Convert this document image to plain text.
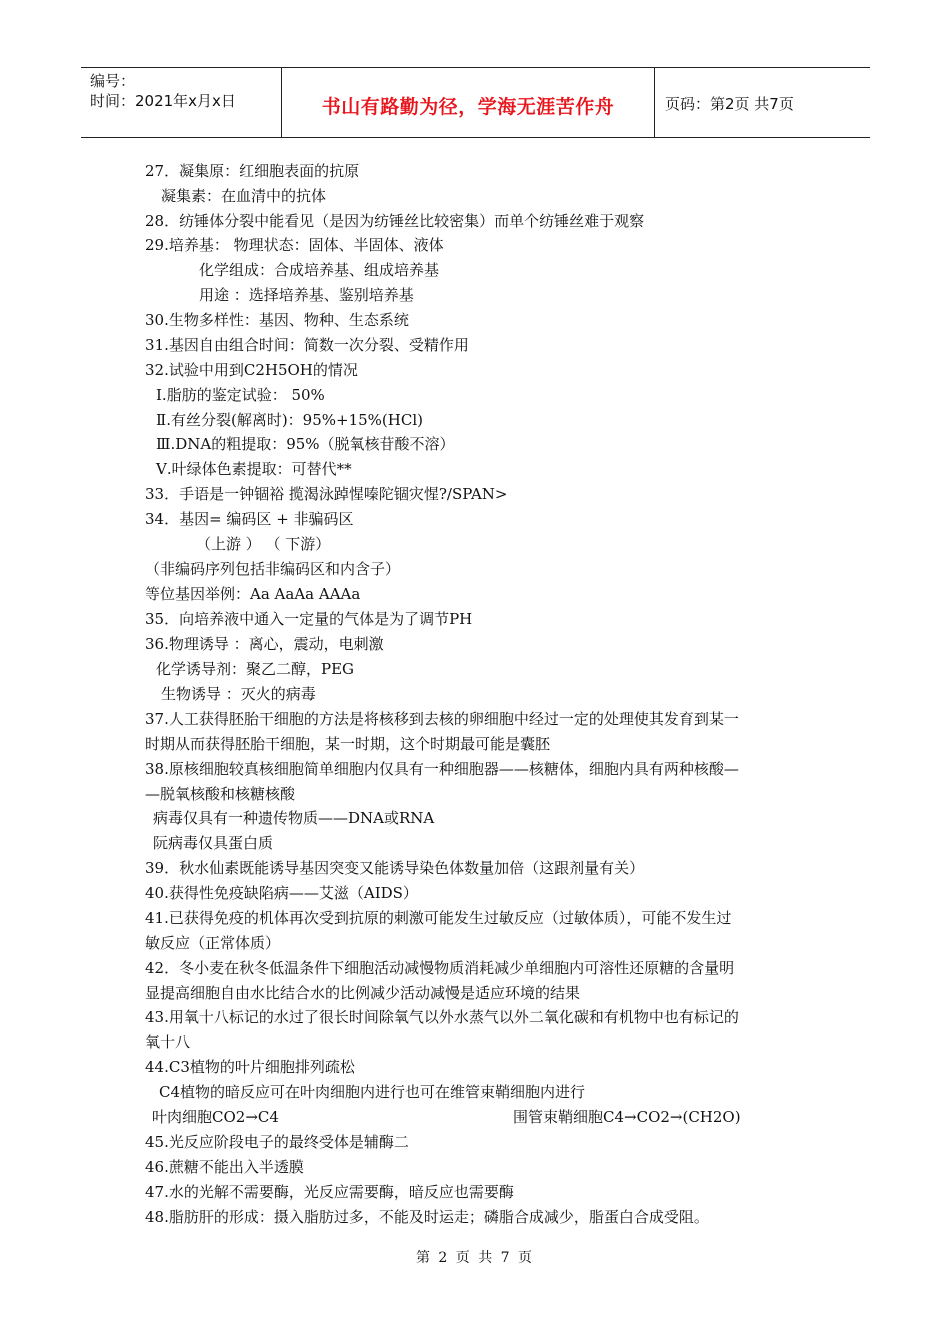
编号：
时间：2021年x月x日	书山有路勤为径，学海无涯苦作舟	页码：第2页 共7页
27．凝集原：红细胞表面的抗原
凝集素：在血清中的抗体
28．纺锤体分裂中能看见（是因为纺锤丝比较密集）而单个纺锤丝难于观察
29.培养基： 物理状态：固体、半固体、液体
化学组成：合成培养基、组成培养基
用途 ：选择培养基、鉴别培养基
30.生物多样性：基因、物种、生态系统
31.基因自由组合时间：简数一次分裂、受精作用
32.试验中用到C2H5OH的情况
Ⅰ.脂肪的鉴定试验： 50%
Ⅱ.有丝分裂(解离时)：95%+15%(HCl)
Ⅲ.DNA的粗提取：95%（脱氧核苷酸不溶）
Ⅴ.叶绿体色素提取：可替代**
33．手语是一钟锢裕 揽渴泳踔惺嗪陀锢灾惺?/SPAN>
34．基因= 编码区 + 非骗码区
（上游 ） （ 下游）
（非编码序列包括非编码区和内含子）
等位基因举例：Aa AaAa AAAa
35．向培养液中通入一定量的气体是为了调节PH
36.物理诱导 ：离心，震动，电刺激
化学诱导剂：聚乙二醇，PEG
生物诱导 ：灭火的病毒
37.人工获得胚胎干细胞的方法是将核移到去核的卵细胞中经过一定的处理使其发育到某一
时期从而获得胚胎干细胞，某一时期，这个时期最可能是囊胚
38.原核细胞较真核细胞简单细胞内仅具有一种细胞器——核糖体，细胞内具有两种核酸—
—脱氧核酸和核糖核酸
病毒仅具有一种遗传物质——DNA或RNA
阮病毒仅具蛋白质
39．秋水仙素既能诱导基因突变又能诱导染色体数量加倍（这跟剂量有关）
40.获得性免疫缺陷病——艾滋（AIDS）
41.已获得免疫的机体再次受到抗原的刺激可能发生过敏反应（过敏体质），可能不发生过
敏反应（正常体质）
42．冬小麦在秋冬低温条件下细胞活动减慢物质消耗减少单细胞内可溶性还原糖的含量明
显提高细胞自由水比结合水的比例减少活动减慢是适应环境的结果
43.用氧十八标记的水过了很长时间除氧气以外水蒸气以外二氧化碳和有机物中也有标记的
氧十八
44.C3植物的叶片细胞排列疏松
C4植物的暗反应可在叶肉细胞内进行也可在维管束鞘细胞内进行
叶肉细胞CO2→C4	围管束鞘细胞C4→CO2→(CH2O)
45.光反应阶段电子的最终受体是辅酶二
46.蔗糖不能出入半透膜
47.水的光解不需要酶，光反应需要酶，暗反应也需要酶
48.脂肪肝的形成：摄入脂肪过多，不能及时运走；磷脂合成减少，脂蛋白合成受阻。
第 2 页 共 7 页
